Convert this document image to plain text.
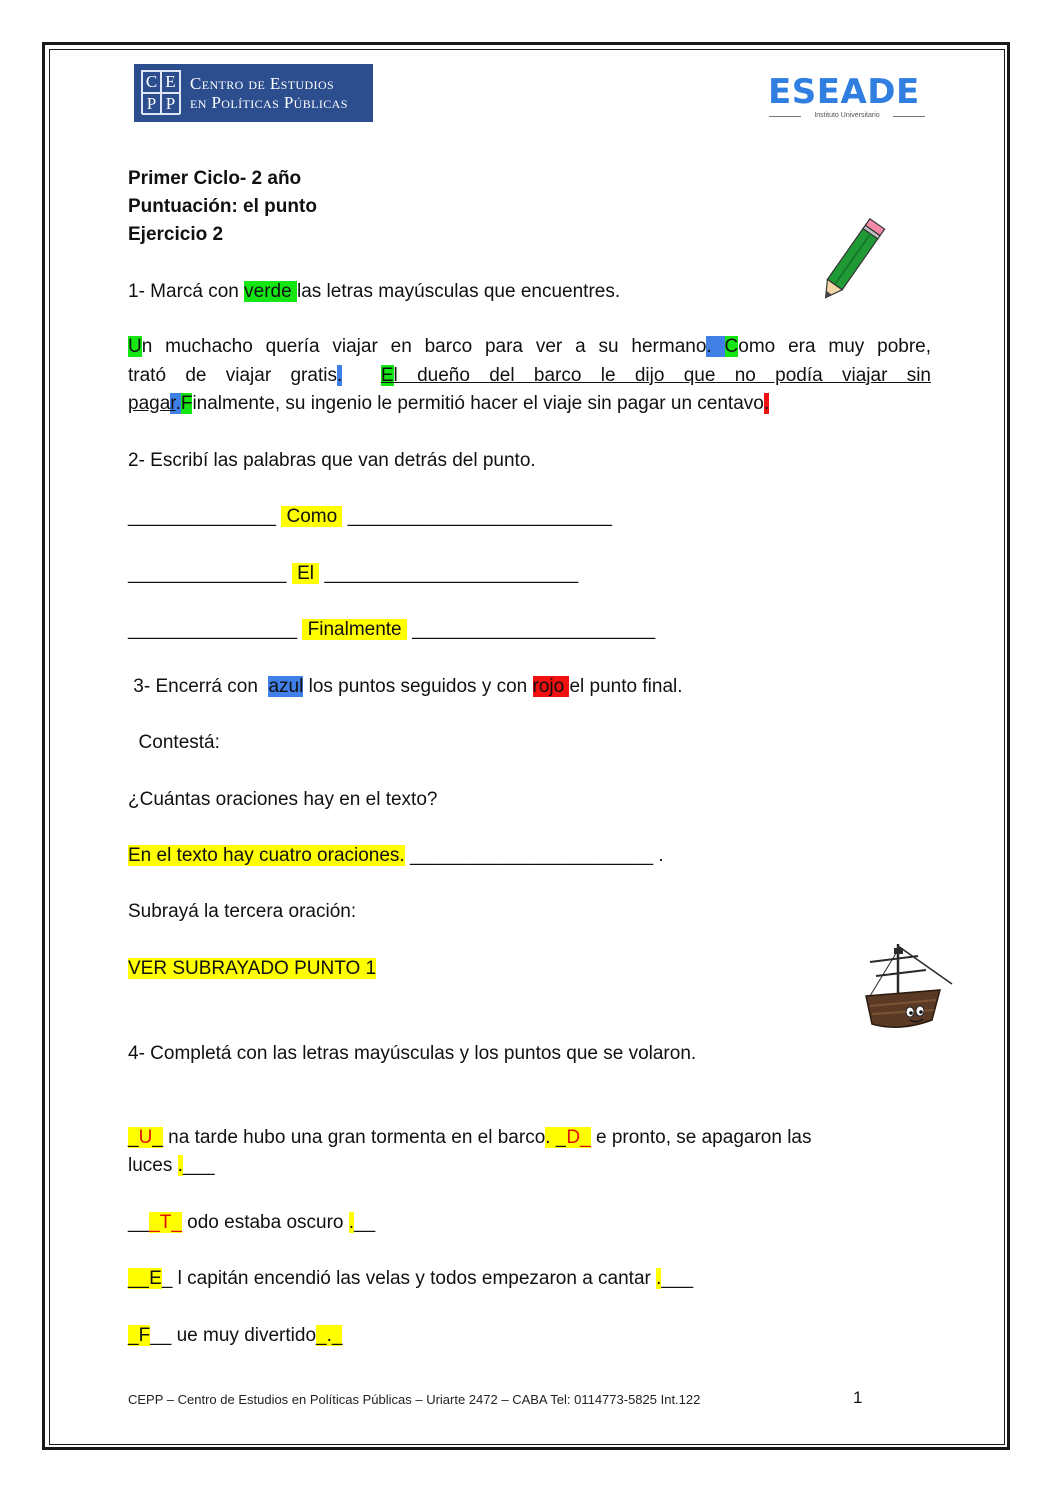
C E
P P
Centro de Estudios
en Políticas Públicas	ESEADE
Instituto Universitario
Primer Ciclo- 2 año
Puntuación: el punto
Ejercicio 2
1- Marcá con verde las letras mayúsculas que encuentres.
Un muchacho quería viajar en barco para ver a su hermano. Como era muy pobre,
trató de viajar gratis. El dueño del barco le dijo que no podía viajar sin
pagar.Finalmente, su ingenio le permitió hacer el viaje sin pagar un centavo.
2- Escribí las palabras que van detrás del punto.
______________  Como  _________________________
_______________  El  ________________________
________________  Finalmente  _______________________
3- Encerrá con  azul los puntos seguidos y con rojo el punto final.
Contestá:
¿Cuántas oraciones hay en el texto?
En el texto hay cuatro oraciones. _______________________ .
Subrayá la tercera oración:
VER SUBRAYADO PUNTO 1
4- Completá con las letras mayúsculas y los puntos que se volaron.
_U_ na tarde hubo una gran tormenta en el barco. _D_ e pronto, se apagaron las
luces .___
___T_ odo estaba oscuro .__
__E_ l capitán encendió las velas y todos empezaron a cantar .___
_F__ ue muy divertido_._
CEPP – Centro de Estudios en Políticas Públicas – Uriarte 2472 – CABA Tel: 0114773-5825 Int.122	1
